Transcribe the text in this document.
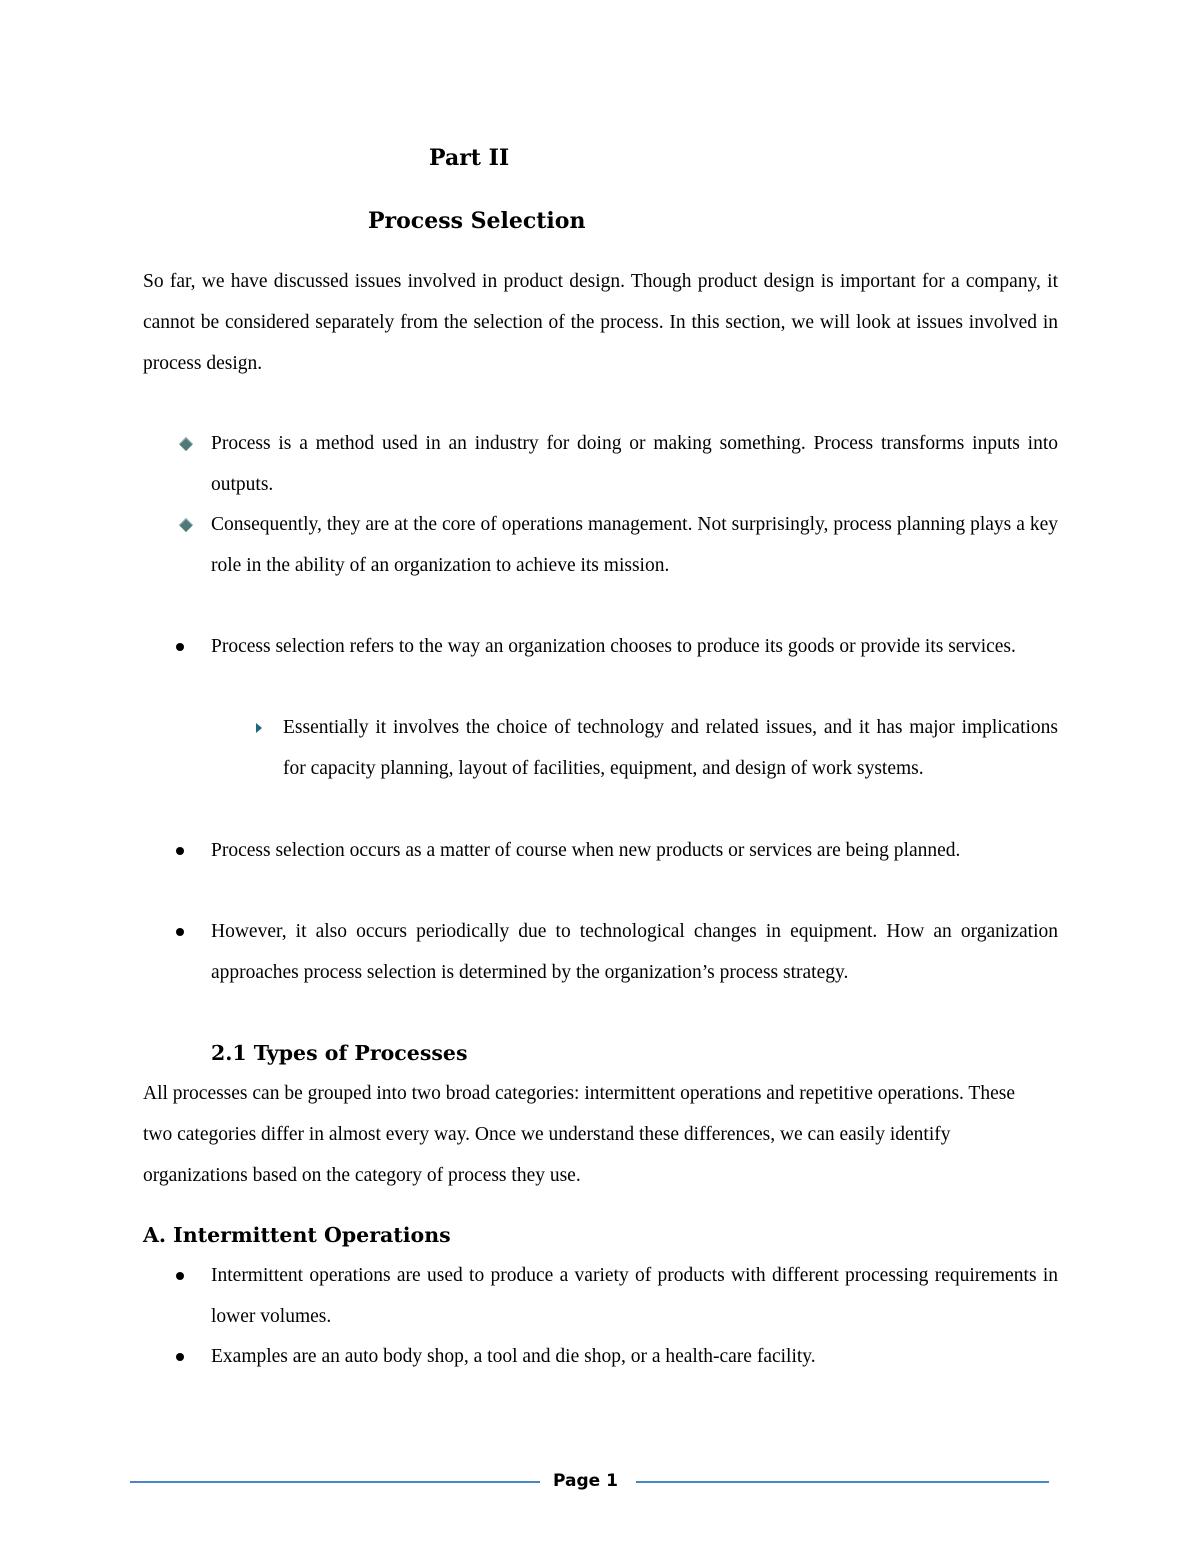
Part II
Process Selection
So far, we have discussed issues involved in product design. Though product design is important for a company, it cannot be considered separately from the selection of the process. In this section, we will look at issues involved in process design.
Process is a method used in an industry for doing or making something. Process transforms inputs into outputs.
Consequently, they are at the core of operations management. Not surprisingly, process planning plays a key role in the ability of an organization to achieve its mission.
Process selection refers to the way an organization chooses to produce its goods or provide its services.
Essentially it involves the choice of technology and related issues, and it has major implications for capacity planning, layout of facilities, equipment, and design of work systems.
Process selection occurs as a matter of course when new products or services are being planned.
However, it also occurs periodically due to technological changes in equipment. How an organization approaches process selection is determined by the organization’s process strategy.
2.1 Types of Processes
All processes can be grouped into two broad categories: intermittent operations and repetitive operations. These two categories differ in almost every way. Once we understand these differences, we can easily identify organizations based on the category of process they use.
A. Intermittent Operations
Intermittent operations are used to produce a variety of products with different processing requirements in lower volumes.
Examples are an auto body shop, a tool and die shop, or a health-care facility.
Page 1
